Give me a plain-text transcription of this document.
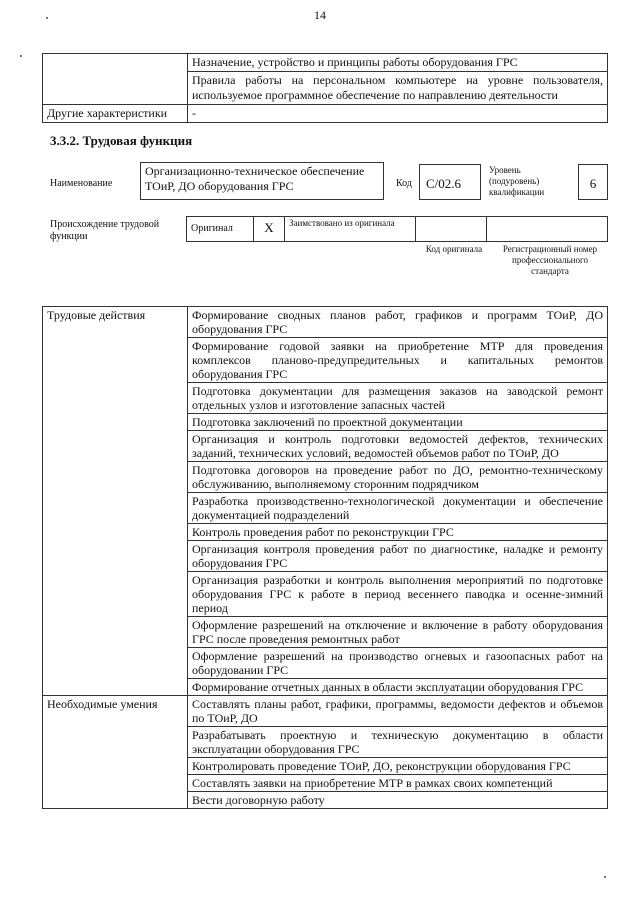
14
	Назначение, устройство и принципы работы оборудования ГРС
	Правила работы на персональном компьютере на уровне пользователя, используемое программное обеспечение по направлению деятельности
Другие характеристики	-
3.3.2. Трудовая функция
Наименование
Организационно-техническое обеспечение ТОиР, ДО оборудования ГРС	Код	С/02.6
Уровень (подуровень) квалификации
6
Происхождение трудовой функции
Оригинал	Х	Заимствовано из оригинала		
Код оригинала	Регистрационный номер профессионального стандарта
Трудовые действия	Формирование сводных планов работ, графиков и программ ТОиР, ДО оборудования ГРС
	Формирование годовой заявки на приобретение МТР для проведения комплексов планово-предупредительных и капитальных ремонтов оборудования ГРС
	Подготовка документации для размещения заказов на заводской ремонт отдельных узлов и изготовление запасных частей
	Подготовка заключений по проектной документации
	Организация и контроль подготовки ведомостей дефектов, технических заданий, технических условий, ведомостей объемов работ по ТОиР, ДО
	Подготовка договоров на проведение работ по ДО, ремонтно-техническому обслуживанию, выполняемому сторонним подрядчиком
	Разработка производственно-технологической документации и обеспечение документацией подразделений
	Контроль проведения работ по реконструкции ГРС
	Организация контроля проведения работ по диагностике, наладке и ремонту оборудования ГРС
	Организация разработки и контроль выполнения мероприятий по подготовке оборудования ГРС к работе в период весеннего паводка и осенне-зимний период
	Оформление разрешений на отключение и включение в работу оборудования ГРС после проведения ремонтных работ
	Оформление разрешений на производство огневых и газоопасных работ на оборудовании ГРС
	Формирование отчетных данных в области эксплуатации оборудования ГРС
Необходимые умения	Составлять планы работ, графики, программы, ведомости дефектов и объемов по ТОиР, ДО
	Разрабатывать проектную и техническую документацию в области эксплуатации оборудования ГРС
	Контролировать проведение ТОиР, ДО, реконструкции оборудования ГРС
	Составлять заявки на приобретение МТР в рамках своих компетенций
	Вести договорную работу
